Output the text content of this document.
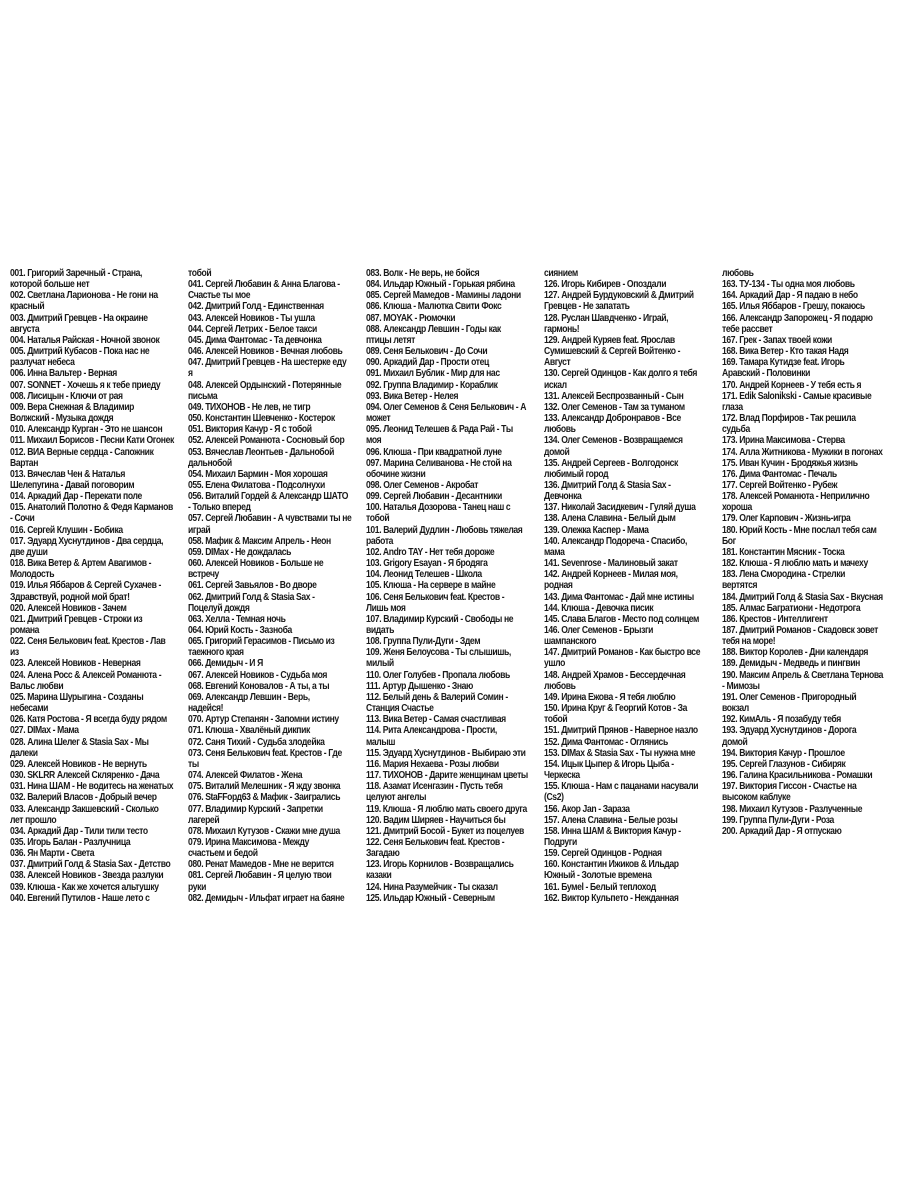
001. Григорий Заречный - Страна,
которой больше нет
002. Светлана Ларионова - Не гони на
красный
003. Дмитрий Гревцев - На окраине
августа
004. Наталья Райская - Ночной звонок
005. Дмитрий Кубасов - Пока нас не
разлучат небеса
006. Инна Вальтер - Верная
007. SONNET - Хочешь я к тебе приеду
008. Лисицын - Ключи от рая
009. Вера Снежная & Владимир
Волжский - Музыка дождя
010. Александр Курган - Это не шансон
011. Михаил Борисов - Песни Кати Огонек
012. ВИА Верные сердца - Сапожник
Вартан
013. Вячеслав Чен & Наталья
Шелепугина - Давай поговорим
014. Аркадий Дар - Перекати поле
015. Анатолий Полотно & Федя Карманов
- Сочи
016. Сергей Клушин - Бобика
017. Эдуард Хуснутдинов - Два сердца,
две души
018. Вика Ветер & Артем Авагимов -
Молодость
019. Илья Яббаров & Сергей Сухачев -
Здравствуй, родной мой брат!
020. Алексей Новиков - Зачем
021. Дмитрий Гревцев - Строки из
романа
022. Сеня Белькович feat. Крестов - Лав
из
023. Алексей Новиков - Неверная
024. Алена Росс & Алексей Романюта -
Вальс любви
025. Марина Шурыгина - Созданы
небесами
026. Катя Ростова - Я всегда буду рядом
027. DIMax - Мама
028. Алина Шелег & Stasia Sax - Мы
далеки
029. Алексей Новиков - Не вернуть
030. SKLRR Алексей Скляренко - Дача
031. Нина ШАМ - Не водитесь на женатых
032. Валерий Власов - Добрый вечер
033. Александр Закшевский - Сколько
лет прошло
034. Аркадий Дар - Тили тили тесто
035. Игорь Балан - Разлучница
036. Ян Марти - Света
037. Дмитрий Голд & Stasia Sax - Детство
038. Алексей Новиков - Звезда разлуки
039. Клюша - Как же хочется альтушку
040. Евгений Путилов - Наше лето с
тобой
041. Сергей Любавин & Анна Благова -
Счастье ты мое
042. Дмитрий Голд - Единственная
043. Алексей Новиков - Ты ушла
044. Сергей Летрих - Белое такси
045. Дима Фантомас - Та девчонка
046. Алексей Новиков - Вечная любовь
047. Дмитрий Гревцев - На шестерке еду
я
048. Алексей Ордынский - Потерянные
письма
049. ТИХОНОВ - Не лев, не тигр
050. Константин Шевченко - Костерок
051. Виктория Качур - Я с тобой
052. Алексей Романюта - Сосновый бор
053. Вячеслав Леонтьев - Дальнобой
дальнобой
054. Михаил Бармин - Моя хорошая
055. Елена Филатова - Подсолнухи
056. Виталий Гордей & Александр ШАТО
- Только вперед
057. Сергей Любавин - А чувствами ты не
играй
058. Мафик & Максим Апрель - Неон
059. DIMax - Не дождалась
060. Алексей Новиков - Больше не
встречу
061. Сергей Завьялов - Во дворе
062. Дмитрий Голд & Stasia Sax -
Поцелуй дождя
063. Хелла - Темная ночь
064. Юрий Кость - Зазноба
065. Григорий Герасимов - Письмо из
таежного края
066. Демидыч - И Я
067. Алексей Новиков - Судьба моя
068. Евгений Коновалов - А ты, а ты
069. Александр Левшин - Верь,
надейся!
070. Артур Степанян - Запомни истину
071. Клюша - Хвалёный дикпик
072. Саня Тихий - Судьба злодейка
073. Сеня Белькович feat. Крестов - Где
ты
074. Алексей Филатов - Жена
075. Виталий Мелешник - Я жду звонка
076. StaFFорд63 & Мафик - Заигрались
077. Владимир Курский - Запретки
лагерей
078. Михаил Кутузов - Скажи мне душа
079. Ирина Максимова - Между
счастьем и бедой
080. Ренат Мамедов - Мне не верится
081. Сергей Любавин - Я целую твои
руки
082. Демидыч - Ильфат играет на баяне
083. Волк - Не верь, не бойся
084. Ильдар Южный - Горькая рябина
085. Сергей Мамедов - Мамины ладони
086. Клюша - Малютка Свити Фокс
087. MOYAK - Рюмочки
088. Александр Левшин - Годы как
птицы летят
089. Сеня Белькович - До Сочи
090. Аркадий Дар - Прости отец
091. Михаил Бублик - Мир для нас
092. Группа Владимир - Кораблик
093. Вика Ветер - Нелея
094. Олег Семенов & Сеня Белькович - А
может
095. Леонид Телешев & Рада Рай - Ты
моя
096. Клюша - При квадратной луне
097. Марина Селиванова - Не стой на
обочине жизни
098. Олег Семенов - Акробат
099. Сергей Любавин - Десантники
100. Наталья Дозорова - Танец наш с
тобой
101. Валерий Дудлин - Любовь тяжелая
работа
102. Andro TAY - Нет тебя дороже
103. Grigory Esayan - Я бродяга
104. Леонид Телешев - Школа
105. Клюша - На сервере в майне
106. Сеня Белькович feat. Крестов -
Лишь моя
107. Владимир Курский - Свободы не
видать
108. Группа Пули-Дуги - Здем
109. Женя Белоусова - Ты слышишь,
милый
110. Олег Голубев - Пропала любовь
111. Артур Дышенко - Знаю
112. Белый день & Валерий Сомин -
Станция Счастье
113. Вика Ветер - Самая счастливая
114. Рита Александрова - Прости,
малыш
115. Эдуард Хуснутдинов - Выбираю эти
116. Мария Нехаева - Розы любви
117. ТИХОНОВ - Дарите женщинам цветы
118. Азамат Исенгазин - Пусть тебя
целуют ангелы
119. Клюша - Я люблю мать своего друга
120. Вадим Ширяев - Научиться бы
121. Дмитрий Босой - Букет из поцелуев
122. Сеня Белькович feat. Крестов -
Загадаю
123. Игорь Корнилов - Возвращались
казаки
124. Нина Разумейчик - Ты сказал
125. Ильдар Южный - Северным
сиянием
126. Игорь Кибирев - Опоздали
127. Андрей Бурдуковский & Дмитрий
Гревцев - Не запатать
128. Руслан Шавдченко - Играй,
гармонь!
129. Андрей Куряев feat. Ярослав
Сумишевский & Сергей Войтенко -
Август
130. Сергей Одинцов - Как долго я тебя
искал
131. Алексей Беспрозванный - Сын
132. Олег Семенов - Там за туманом
133. Александр Добронравов - Все
любовь
134. Олег Семенов - Возвращаемся
домой
135. Андрей Сергеев - Волгодонск
любимый город
136. Дмитрий Голд & Stasia Sax -
Девчонка
137. Николай Засидкевич - Гуляй душа
138. Алена Славина - Белый дым
139. Олежка Каспер - Мама
140. Александр Подореча - Спасибо,
мама
141. Sevenrose - Малиновый закат
142. Андрей Корнеев - Милая моя,
родная
143. Дима Фантомас - Дай мне истины
144. Клюша - Девочка писик
145. Слава Благов - Место под солнцем
146. Олег Семенов - Брызги
шампанского
147. Дмитрий Романов - Как быстро все
ушло
148. Андрей Храмов - Бессердечная
любовь
149. Ирина Ежова - Я тебя люблю
150. Ирина Круг & Георгий Котов - За
тобой
151. Дмитрий Прянов - Наверное назло
152. Дима Фантомас - Оглянись
153. DIMax & Stasia Sax - Ты нужна мне
154. Ицык Цыпер & Игорь Цыба -
Черкеска
155. Клюша - Нам с пацанами насували
(Cs2)
156. Акор Jan - Зараза
157. Алена Славина - Белые розы
158. Инна ШАМ & Виктория Качур -
Подруги
159. Сергей Одинцов - Родная
160. Константин Ижиков & Ильдар
Южный - Золотые времена
161. Бумеl - Белый теплоход
162. Виктор Кульпето - Нежданная
любовь
163. ТУ-134 - Ты одна моя любовь
164. Аркадий Дар - Я падаю в небо
165. Илья Яббаров - Грешу, покаюсь
166. Александр Запорожец - Я подарю
тебе рассвет
167. Грек - Запах твоей кожи
168. Вика Ветер - Кто такая Надя
169. Тамара Кутидзе feat. Игорь
Аравский - Половинки
170. Андрей Корнеев - У тебя есть я
171. Edik Salonikski - Самые красивые
глаза
172. Влад Порфиров - Так решила
судьба
173. Ирина Максимова - Стерва
174. Алла Житникова - Мужики в погонах
175. Иван Кучин - Бродяжья жизнь
176. Дима Фантомас - Печаль
177. Сергей Войтенко - Рубеж
178. Алексей Романюта - Неприлично
хороша
179. Олег Карпович - Жизнь-игра
180. Юрий Кость - Мне послал тебя сам
Бог
181. Константин Мясник - Тоска
182. Клюша - Я люблю мать и мачеху
183. Лена Смородина - Стрелки
вертятся
184. Дмитрий Голд & Stasia Sax - Вкусная
185. Алмас Багратиони - Недотрога
186. Крестов - Интеллигент
187. Дмитрий Романов - Скадовск зовет
тебя на море!
188. Виктор Королев - Дни календаря
189. Демидыч - Медведь и пингвин
190. Максим Апрель & Светлана Тернова
- Мимозы
191. Олег Семенов - Пригородный
вокзал
192. КимАль - Я позабуду тебя
193. Эдуард Хуснутдинов - Дорога
домой
194. Виктория Качур - Прошлое
195. Сергей Глазунов - Сибиряк
196. Галина Красильникова - Ромашки
197. Виктория Гиссон - Счастье на
высоком каблуке
198. Михаил Кутузов - Разлученные
199. Группа Пули-Дуги - Роза
200. Аркадий Дар - Я отпускаю
